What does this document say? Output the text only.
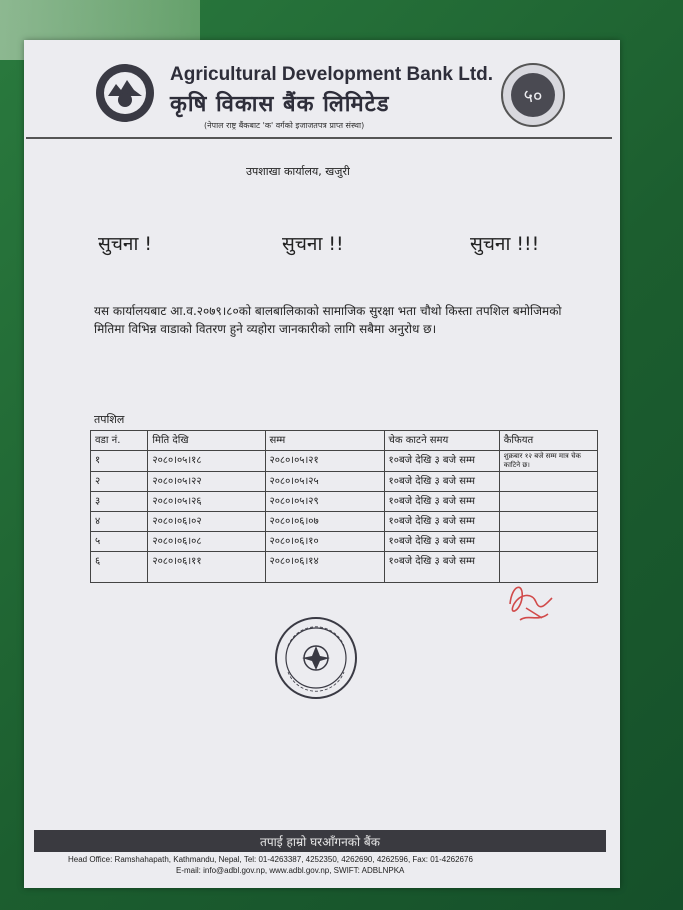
Agricultural Development Bank Ltd.
कृषि विकास बैंक लिमिटेड
(नेपाल राष्ट्र बैंकबाट 'क' वर्गको इजाजतपत्र प्राप्त संस्था)
५०
उपशाखा कार्यालय, खजुरी
सुचना !	सुचना !!	सुचना !!!
यस कार्यालयबाट आ.व.२०७९।८०को बालबालिकाको सामाजिक सुरक्षा भता चौथो किस्ता तपशिल बमोजिमको मितिमा विभिन्न वाडाको वितरण हुने व्यहोरा जानकारीको लागि सबैमा अनुरोध छ।
तपशिल
वडा नं.	मिति देखि	सम्म	चेक काटने समय	कैफियत
१	२०८०।०५।१८	२०८०।०५।२१	१०बजे देखि ३ बजे सम्म	शुक्रबार १२ बजे सम्म मात्र चेक काटिने छ।
२	२०८०।०५।२२	२०८०।०५।२५	१०बजे देखि ३ बजे सम्म	
३	२०८०।०५।२६	२०८०।०५।२९	१०बजे देखि ३ बजे सम्म	
४	२०८०।०६।०२	२०८०।०६।०७	१०बजे देखि ३ बजे सम्म	
५	२०८०।०६।०८	२०८०।०६।१०	१०बजे देखि ३ बजे सम्म	
६	२०८०।०६।११	२०८०।०६।१४	१०बजे देखि ३ बजे सम्म	
तपाई हाम्रो घरआँगनको बैंक
Head Office: Ramshahapath, Kathmandu, Nepal, Tel: 01-4263387, 4252350, 4262690, 4262596, Fax: 01-4262676
E-mail: info@adbl.gov.np, www.adbl.gov.np, SWIFT: ADBLNPKA
